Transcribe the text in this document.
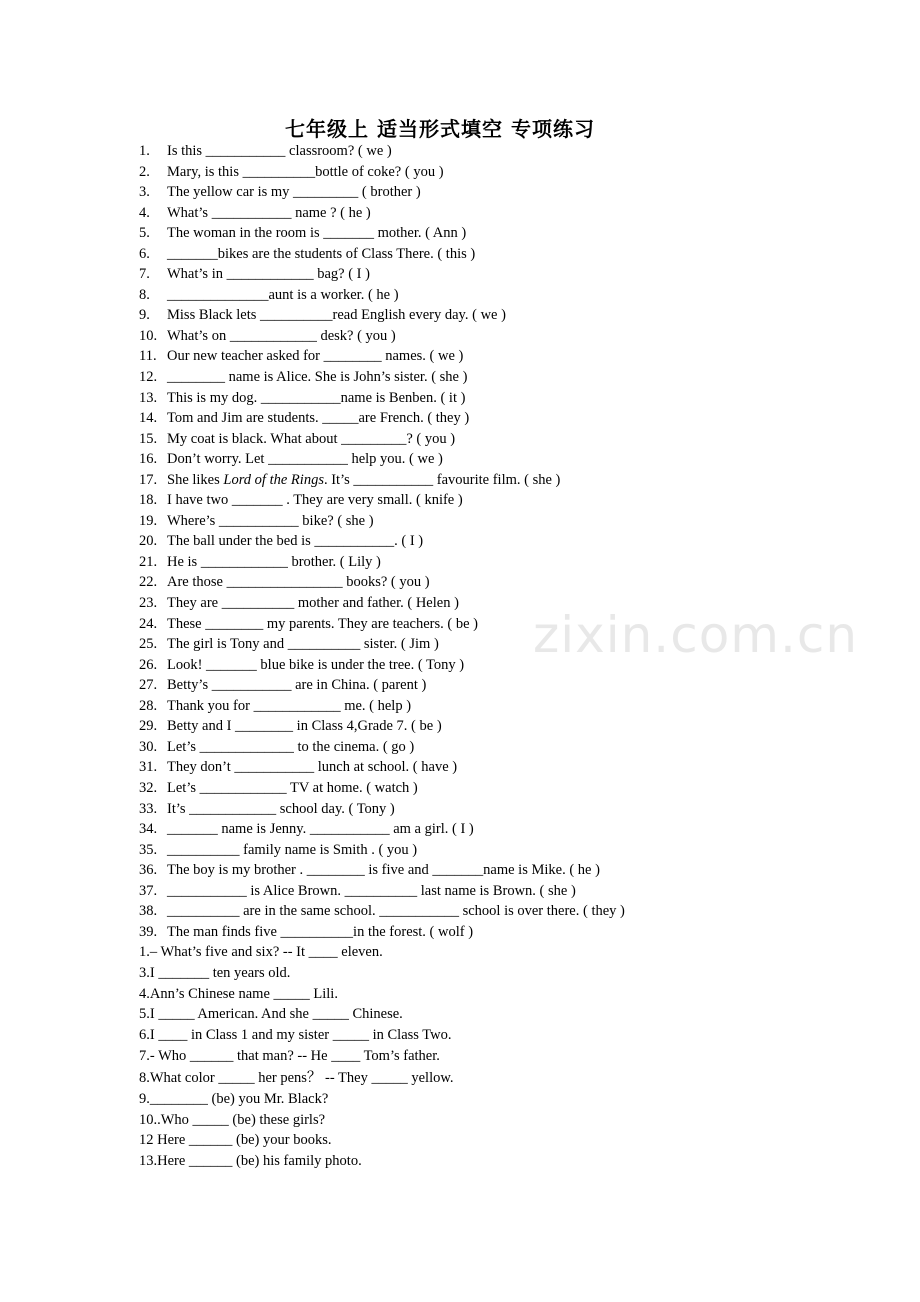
七年级上 适当形式填空 专项练习
1. Is this ___________ classroom? ( we )
2. Mary, is this __________bottle of coke? ( you )
3. The yellow car is my _________ ( brother )
4. What’s ___________ name ? ( he )
5. The woman in the room is _______ mother. ( Ann )
6. _______bikes are the students of Class There. ( this )
7. What’s in ____________ bag? ( I )
8. ______________aunt is a worker. ( he )
9. Miss Black lets __________read English every day. ( we )
10. What’s on ____________ desk? ( you )
11. Our new teacher asked for ________ names. ( we )
12. ________ name is Alice. She is John’s sister. ( she )
13. This is my dog. ___________name is Benben. ( it )
14. Tom and Jim are students. _____are French. ( they )
15. My coat is black. What about _________? ( you )
16. Don’t worry. Let ___________ help you. ( we )
17. She likes Lord of the Rings. It’s ___________ favourite film. ( she )
18. I have two _______ . They are very small. ( knife )
19. Where’s ___________ bike? ( she )
20. The ball under the bed is ___________. ( I )
21. He is ____________ brother. ( Lily )
22. Are those ________________ books? ( you )
23. They are __________ mother and father. ( Helen )
24. These ________ my parents. They are teachers. ( be )
25. The girl is Tony and __________ sister. ( Jim )
26. Look! _______ blue bike is under the tree. ( Tony )
27. Betty’s ___________ are in China. ( parent )
28. Thank you for ____________ me. ( help )
29. Betty and I ________ in Class 4,Grade 7. ( be )
30. Let’s _____________ to the cinema. ( go )
31. They don’t ___________ lunch at school. ( have )
32. Let’s ____________ TV at home. ( watch )
33. It’s ____________ school day. ( Tony )
34. _______ name is Jenny. ___________ am a girl. ( I )
35. __________ family name is Smith . ( you )
36. The boy is my brother . ________ is five and _______name is Mike. ( he )
37. ___________ is Alice Brown. __________ last name is Brown. ( she )
38. __________ are in the same school. ___________ school is over there. ( they )
39. The man finds five __________in the forest. ( wolf )
1.– What’s five and six? -- It ____ eleven.
3.I _______ ten years old.
4.Ann’s Chinese name _____ Lili.
5.I _____ American. And she _____ Chinese.
6.I ____ in Class 1 and my sister _____ in Class Two.
7.- Who ______ that man? -- He ____ Tom’s father.
8.What color _____ her pens？ -- They _____ yellow.
9.________ (be) you Mr. Black?
10..Who _____ (be) these girls?
12 Here ______ (be) your books.
13.Here ______ (be) his family photo.
zixin.com.cn
